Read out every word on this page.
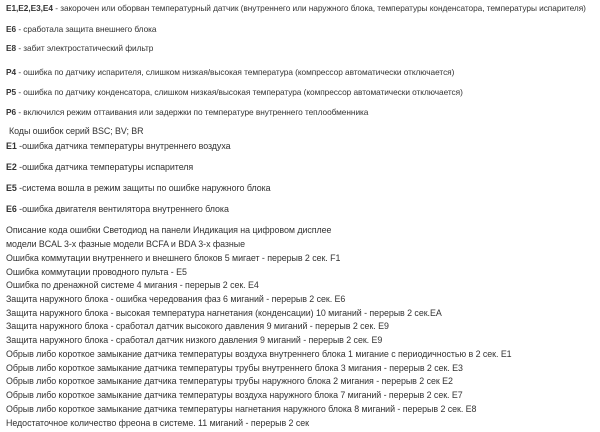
E1,E2,E3,E4 - закорочен или оборван температурный датчик (внутреннего или наружного блока, температуры конденсатора, температуры испарителя)
E6 - сработала защита внешнего блока
E8 - забит электростатический фильтр
P4 - ошибка по датчику испарителя, слишком низкая/высокая температура (компрессор автоматически отключается)
P5 - ошибка по датчику конденсатора, слишком низкая/высокая температура (компрессор автоматически отключается)
P6 - включился режим оттаивания или задержки по температуре внутреннего теплообменника
Коды ошибок серий BSC; BV; BR
E1 -ошибка датчика температуры внутреннего воздуха
E2 -ошибка датчика температуры испарителя
E5 -система вошла в режим защиты по ошибке наружного блока
E6 -ошибка двигателя вентилятора внутреннего блока
Описание кода ошибки Светодиод на панели Индикация на цифровом дисплее
модели BCAL 3-х фазные модели BCFA и BDA 3-х фазные
Ошибка коммутации внутреннего и внешнего блоков 5 мигает - перерыв 2 сек. F1
Ошибка коммутации проводного пульта - E5
Ошибка по дренажной системе 4 мигания - перерыв 2 сек. E4
Защита наружного блока - ошибка чередования фаз 6 миганий - перерыв 2 сек. E6
Защита наружного блока - высокая температура нагнетания (конденсации) 10 миганий - перерыв 2 сек.EA
Защита наружного блока - сработал датчик высокого давления 9 миганий - перерыв 2 сек. E9
Защита наружного блока - сработал датчик низкого давления 9 миганий - перерыв 2 сек. E9
Обрыв либо короткое замыкание датчика температуры воздуха внутреннего блока 1 мигание с периодичностью в 2 сек. E1
Обрыв либо короткое замыкание датчика температуры трубы внутреннего блока 3 мигания - перерыв 2 сек. E3
Обрыв либо короткое замыкание датчика температуры трубы наружного блока 2 мигания - перерыв 2 сек E2
Обрыв либо короткое замыкание датчика температуры воздуха наружного блока 7 миганий - перерыв 2 сек. E7
Обрыв либо короткое замыкание датчика температуры нагнетания наружного блока 8 миганий - перерыв 2 сек. E8
Недостаточное количество фреона в системе. 11 миганий - перерыв 2 сек
